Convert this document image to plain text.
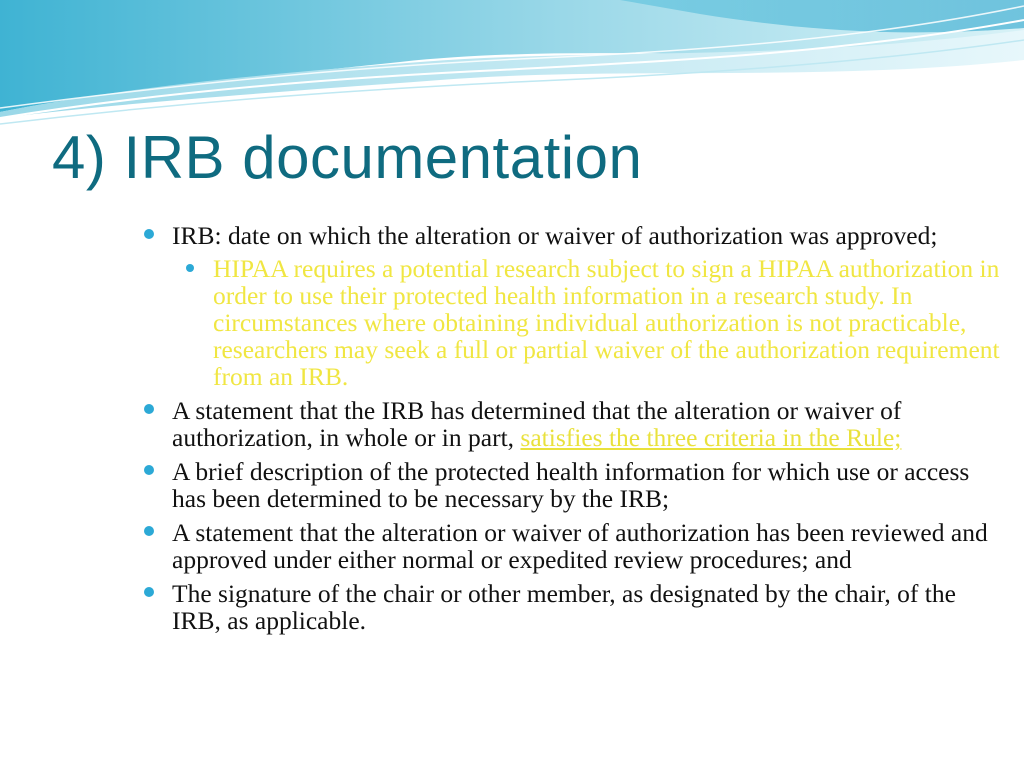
4) IRB documentation
IRB: date on which the alteration or waiver of authorization was approved;
HIPAA requires a potential research subject to sign a HIPAA authorization in order to use their protected health information in a research study. In circumstances where obtaining individual authorization is not practicable, researchers may seek a full or partial waiver of the authorization requirement from an IRB.
A statement that the IRB has determined that the alteration or waiver of authorization, in whole or in part, satisfies the three criteria in the Rule;
A brief description of the protected health information for which use or access has been determined to be necessary by the IRB;
A statement that the alteration or waiver of authorization has been reviewed and approved under either normal or expedited review procedures; and
The signature of the chair or other member, as designated by the chair, of the IRB, as applicable.
